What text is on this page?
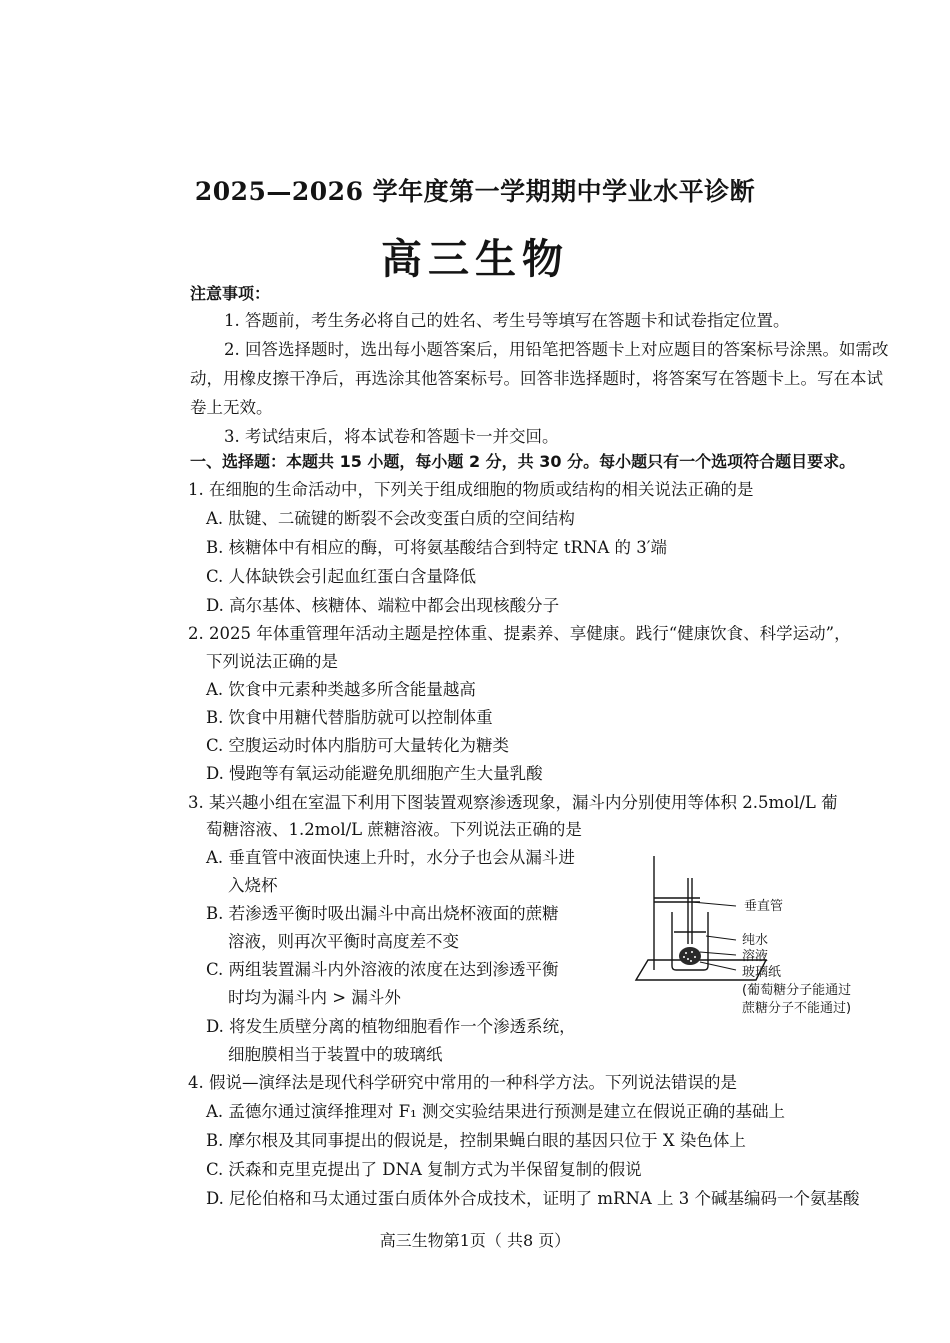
2025—2026 学年度第一学期期中学业水平诊断
高三生物
注意事项：

1. 答题前，考生务必将自己的姓名、考生号等填写在答题卡和试卷指定位置。

2. 回答选择题时，选出每小题答案后，用铅笔把答题卡上对应题目的答案标号涂黑。如需改动，用橡皮擦干净后，再选涂其他答案标号。回答非选择题时，将答案写在答题卡上。写在本试卷上无效。

3. 考试结束后，将本试卷和答题卡一并交回。

一、选择题：本题共 15 小题，每小题 2 分，共 30 分。每小题只有一个选项符合题目要求。
1. 在细胞的生命活动中，下列关于组成细胞的物质或结构的相关说法正确的是
A. 肽键、二硫键的断裂不会改变蛋白质的空间结构
B. 核糖体中有相应的酶，可将氨基酸结合到特定 tRNA 的 3′端
C. 人体缺铁会引起血红蛋白含量降低
D. 高尔基体、核糖体、端粒中都会出现核酸分子
2. 2025 年体重管理年活动主题是控体重、提素养、享健康。践行“健康饮食、科学运动”，
下列说法正确的是
A. 饮食中元素种类越多所含能量越高
B. 饮食中用糖代替脂肪就可以控制体重
C. 空腹运动时体内脂肪可大量转化为糖类
D. 慢跑等有氧运动能避免肌细胞产生大量乳酸
3. 某兴趣小组在室温下利用下图装置观察渗透现象，漏斗内分别使用等体积 2.5mol/L 葡
萄糖溶液、1.2mol/L 蔗糖溶液。下列说法正确的是
A. 垂直管中液面快速上升时，水分子也会从漏斗进
入烧杯
B. 若渗透平衡时吸出漏斗中高出烧杯液面的蔗糖
溶液，则再次平衡时高度差不变
C. 两组装置漏斗内外溶液的浓度在达到渗透平衡
时均为漏斗内 > 漏斗外
D. 将发生质壁分离的植物细胞看作一个渗透系统，
细胞膜相当于装置中的玻璃纸
垂直管
纯水
溶液
玻璃纸
(葡萄糖分子能通过
蔗糖分子不能通过)
4. 假说—演绎法是现代科学研究中常用的一种科学方法。下列说法错误的是
A. 孟德尔通过演绎推理对 F₁ 测交实验结果进行预测是建立在假说正确的基础上
B. 摩尔根及其同事提出的假说是，控制果蝇白眼的基因只位于 X 染色体上
C. 沃森和克里克提出了 DNA 复制方式为半保留复制的假说
D. 尼伦伯格和马太通过蛋白质体外合成技术，证明了 mRNA 上 3 个碱基编码一个氨基酸
高三生物第1页（ 共8 页）
